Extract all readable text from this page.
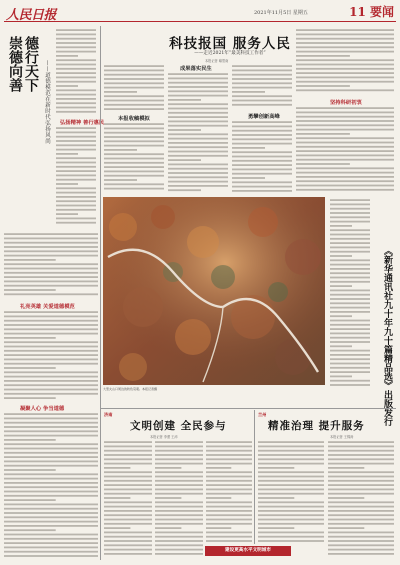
人民日报	2021年11月5日 星期五	11 要闻
崇德向善 德行天下 ——道德模范在新时代弘扬风尚 弘扬精神 善行惠民
礼亮英雄 关爱道德模范
凝聚人心 争当道德
科技报国 服务人民
——走近2021年“最美科技工作者”
本报记者 喻思南
本报收稿模拟
成果落实民生
勇攀创新高峰
坚持科研初衷
大型火山口周边的秋色景观。本报记者摄	《新华通讯社九十年九十篇精品选》出版发行
济南
文明创建 全民参与
本报记者 李蕾 王沛
建设更高水平文明城市
兰州
精准治理 提升服务
本报记者 王锦涛
